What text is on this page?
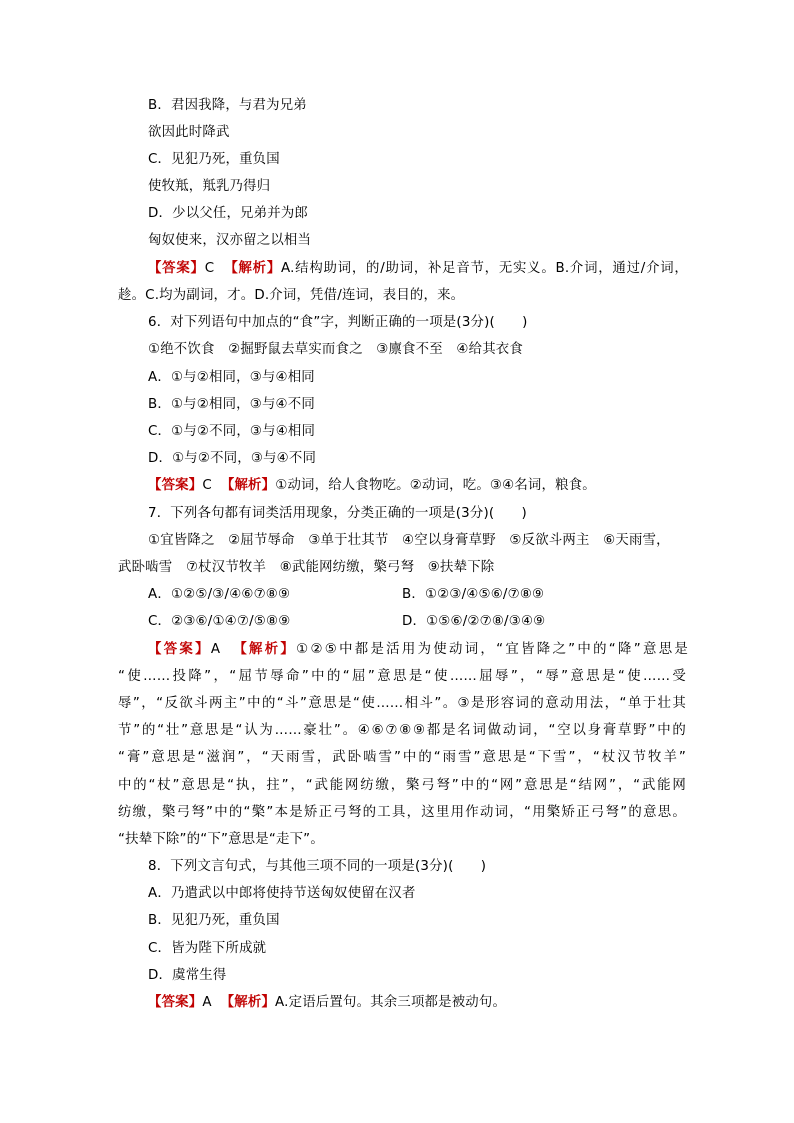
B．君因我降，与君为兄弟
欲因此时降武
C．见犯乃死，重负国
使牧羝，羝乳乃得归
D．少以父任，兄弟并为郎
匈奴使来，汉亦留之以相当
【答案】C 【解析】A.结构助词，的/助词，补足音节，无实义。B.介词，通过/介词，
趁。C.均为副词，才。D.介词，凭借/连词，表目的，来。
6．对下列语句中加点的“食”字，判断正确的一项是(3分)(　　)
①绝不饮食　②掘野鼠去草实而食之　③廪食不至　④给其衣食
A．①与②相同，③与④相同
B．①与②相同，③与④不同
C．①与②不同，③与④相同
D．①与②不同，③与④不同
【答案】C 【解析】①动词，给人食物吃。②动词，吃。③④名词，粮食。
7．下列各句都有词类活用现象，分类正确的一项是(3分)(　　)
①宜皆降之　②屈节辱命　③单于壮其节　④空以身膏草野　⑤反欲斗两主　⑥天雨雪，
武卧啮雪　⑦杖汉节牧羊　⑧武能网纺缴，檠弓弩　⑨扶辇下除
A．①②⑤/③/④⑥⑦⑧⑨	B．①②③/④⑤⑥/⑦⑧⑨
C．②③⑥/①④⑦/⑤⑧⑨	D．①⑤⑥/②⑦⑧/③④⑨
【答案】A 【解析】①②⑤中都是活用为使动词，“宜皆降之”中的“降”意思是
“使……投降”，“屈节辱命”中的“屈”意思是“使……屈辱”，“辱”意思是“使……受
辱”，“反欲斗两主”中的“斗”意思是“使……相斗”。③是形容词的意动用法，“单于壮其
节”的“壮”意思是“认为……豪壮”。④⑥⑦⑧⑨都是名词做动词，“空以身膏草野”中的
“膏”意思是“滋润”，“天雨雪，武卧啮雪”中的“雨雪”意思是“下雪”，“杖汉节牧羊”
中的“杖”意思是“执，拄”，“武能网纺缴，檠弓弩”中的“网”意思是“结网”，“武能网
纺缴，檠弓弩”中的“檠”本是矫正弓弩的工具，这里用作动词，“用檠矫正弓弩”的意思。
“扶辇下除”的“下”意思是“走下”。
8．下列文言句式，与其他三项不同的一项是(3分)(　　)
A．乃遣武以中郎将使持节送匈奴使留在汉者
B．见犯乃死，重负国
C．皆为陛下所成就
D．虞常生得
【答案】A 【解析】A.定语后置句。其余三项都是被动句。
